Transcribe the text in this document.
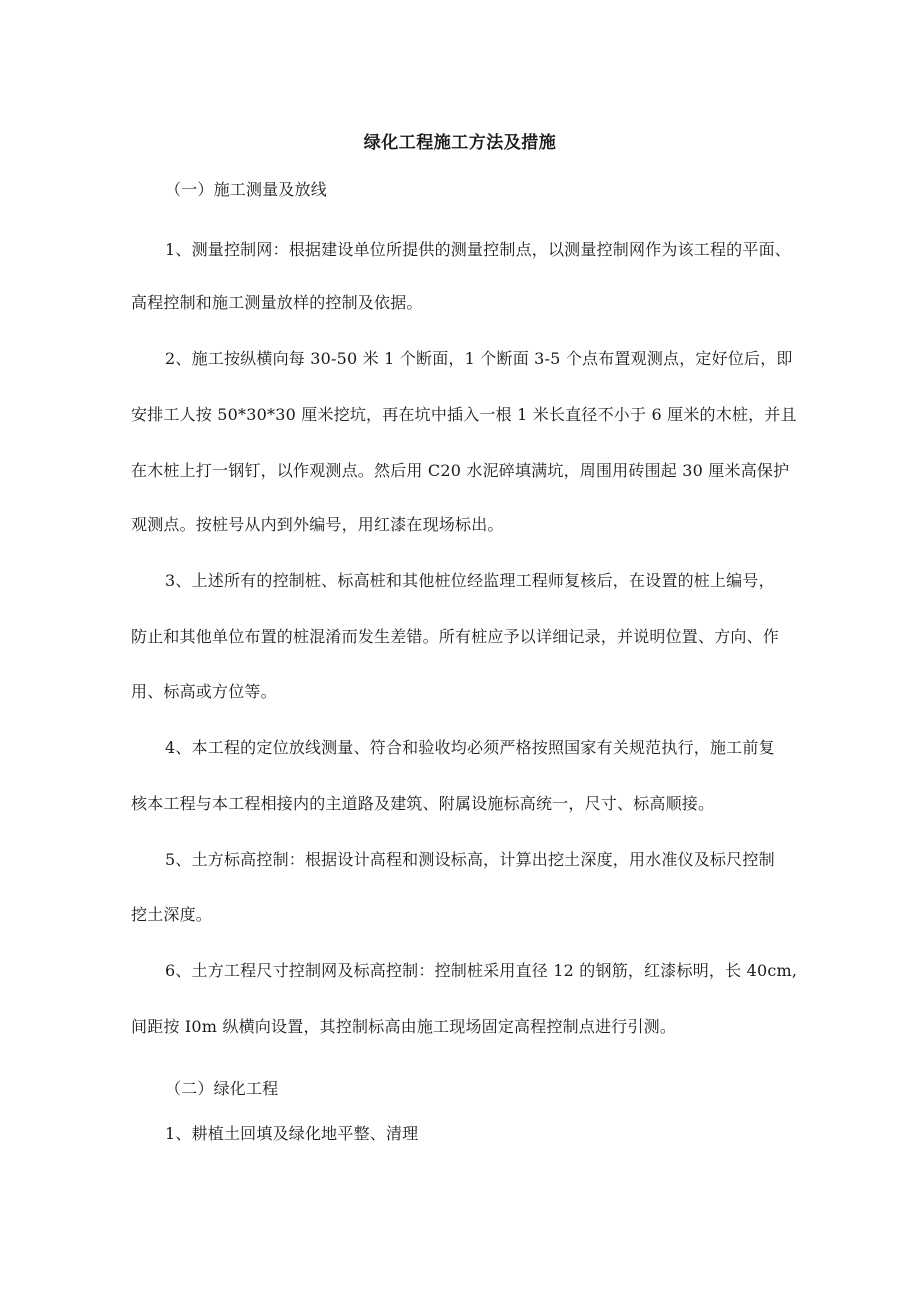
绿化工程施工方法及措施

（一）施工测量及放线

1、测量控制网：根据建设单位所提供的测量控制点，以测量控制网作为该工程的平面、

高程控制和施工测量放样的控制及依据。

2、施工按纵横向每 30-50 米 1 个断面，1 个断面 3-5 个点布置观测点，定好位后，即

安排工人按 50*30*30 厘米挖坑，再在坑中插入一根 1 米长直径不小于 6 厘米的木桩，并且

在木桩上打一钢钉，以作观测点。然后用 C20 水泥碎填满坑，周围用砖围起 30 厘米高保护

观测点。按桩号从内到外编号，用红漆在现场标出。

3、上述所有的控制桩、标高桩和其他桩位经监理工程师复核后，在设置的桩上编号，

防止和其他单位布置的桩混淆而发生差错。所有桩应予以详细记录，并说明位置、方向、作

用、标高或方位等。

4、本工程的定位放线测量、符合和验收均必须严格按照国家有关规范执行，施工前复

核本工程与本工程相接内的主道路及建筑、附属设施标高统一，尺寸、标高顺接。

5、土方标高控制：根据设计高程和测设标高，计算出挖土深度，用水准仪及标尺控制

挖土深度。

6、土方工程尺寸控制网及标高控制：控制桩采用直径 12 的钢筋，红漆标明，长 40cm,

间距按 I0m 纵横向设置，其控制标高由施工现场固定高程控制点进行引测。

（二）绿化工程

1、耕植土回填及绿化地平整、清理
